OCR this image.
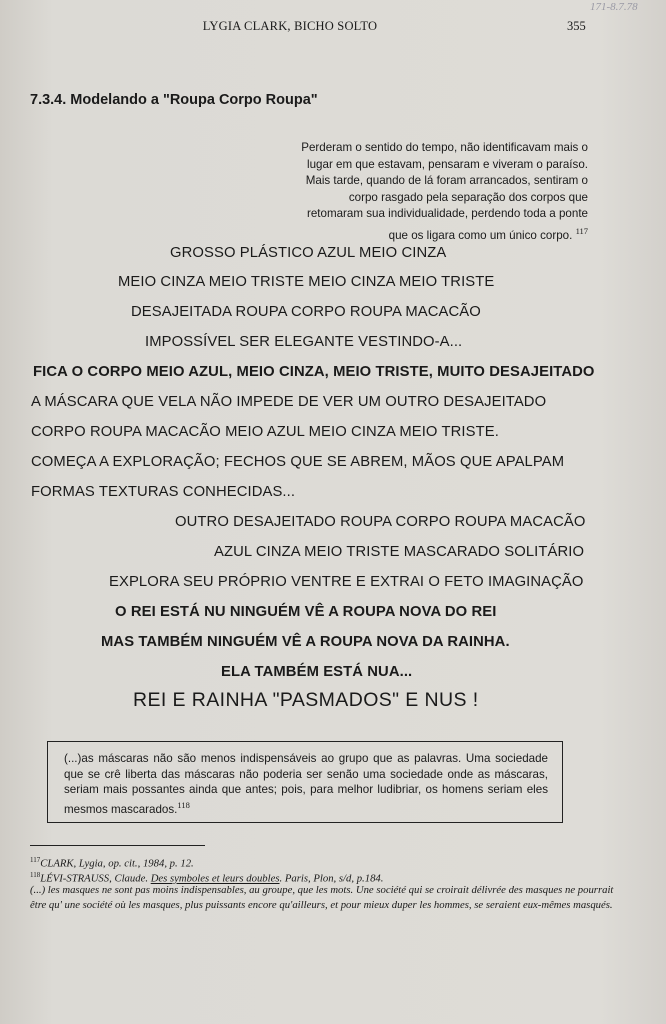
LYGIA CLARK, BICHO SOLTO	355
171-8.7.78
7.3.4. Modelando a "Roupa Corpo Roupa"
Perderam o sentido do tempo, não identificavam mais o
lugar em que estavam, pensaram e viveram o paraíso.
Mais tarde, quando de lá foram arrancados, sentiram o
corpo rasgado pela separação dos corpos que
retomaram sua individualidade, perdendo toda a ponte
que os ligara como um único corpo. $^{117}$
GROSSO PLÁSTICO AZUL MEIO CINZA
MEIO CINZA MEIO TRISTE MEIO CINZA MEIO TRISTE
DESAJEITADA ROUPA CORPO ROUPA MACACÃO
IMPOSSÍVEL SER ELEGANTE VESTINDO-A...
FICA O CORPO MEIO AZUL, MEIO CINZA, MEIO TRISTE, MUITO DESAJEITADO
A MÁSCARA QUE VELA NÃO IMPEDE DE VER UM OUTRO DESAJEITADO
CORPO ROUPA MACACÃO MEIO AZUL MEIO CINZA MEIO TRISTE.
COMEÇA A EXPLORAÇÃO; FECHOS QUE SE ABREM, MÃOS QUE APALPAM
FORMAS TEXTURAS CONHECIDAS...
OUTRO DESAJEITADO ROUPA CORPO ROUPA MACACÃO
AZUL CINZA MEIO TRISTE MASCARADO SOLITÁRIO
EXPLORA SEU PRÓPRIO VENTRE E EXTRAI O FETO IMAGINAÇÃO
O REI ESTÁ NU NINGUÉM VÊ A ROUPA NOVA DO REI
MAS TAMBÉM NINGUÉM VÊ A ROUPA NOVA DA RAINHA.
ELA TAMBÉM ESTÁ NUA...
REI E RAINHA "PASMADOS" E NUS !
(...)as máscaras não são menos indispensáveis ao grupo que as palavras. Uma sociedade que se crê liberta das máscaras não poderia ser senão uma sociedade onde as máscaras, seriam mais possantes ainda que antes; pois, para melhor ludibriar, os homens seriam eles mesmos mascarados.$^{118}$
$^{117}$CLARK, Lygia, op. cit., 1984, p. 12.
$^{118}$LÉVI-STRAUSS, Claude. Des symboles et leurs doubles. Paris, Plon, s/d, p.184.
(...) les masques ne sont pas moins indispensables, au groupe, que les mots. Une société qui se croirait délivrée des masques ne pourrait être qu' une société où les masques, plus puissants encore qu'ailleurs, et pour mieux duper les hommes, se seraient eux-mêmes masqués.
